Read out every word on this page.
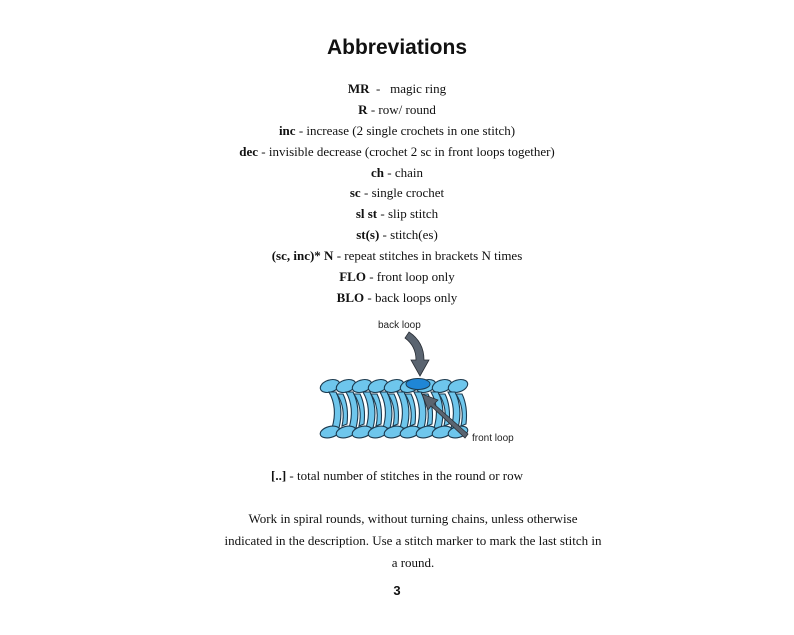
Abbreviations
MR  -   magic ring
R - row/ round
inc - increase (2 single crochets in one stitch)
dec - invisible decrease (crochet 2 sc in front loops together)
ch - chain
sc - single crochet
sl st - slip stitch
st(s) - stitch(es)
(sc, inc)* N - repeat stitches in brackets N times
FLO - front loop only
BLO - back loops only
back loop
front loop
[..] - total number of stitches in the round or row
Work in spiral rounds, without turning chains, unless otherwise
indicated in the description. Use a stitch marker to mark the last stitch in
a round.
3
